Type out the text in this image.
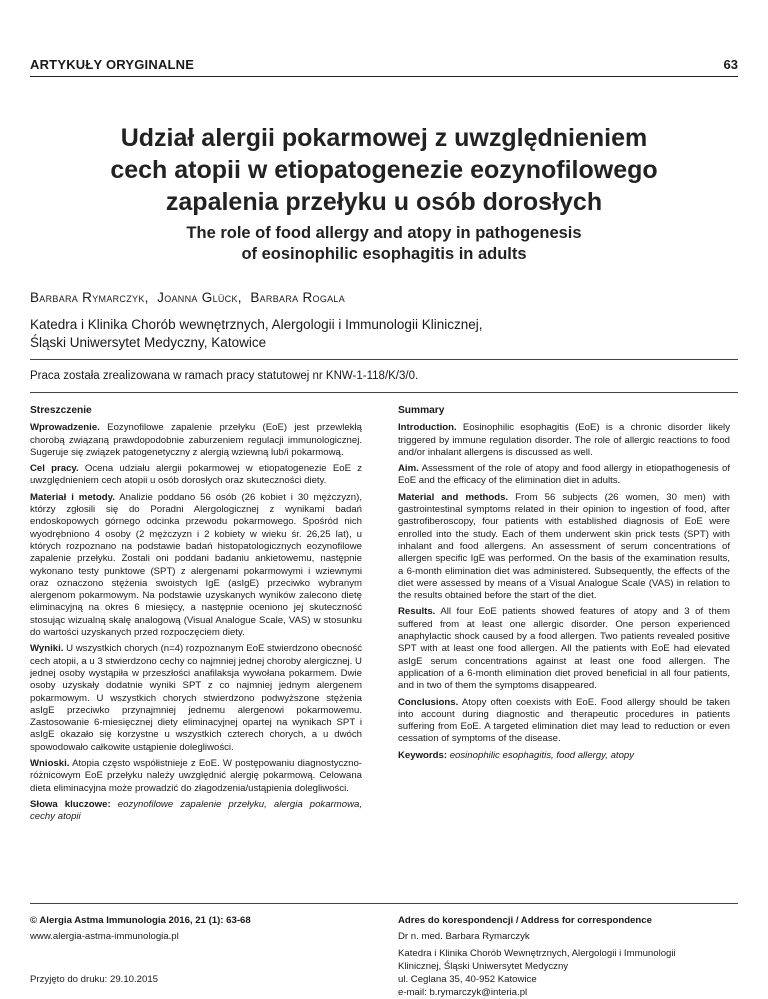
ARTYKUŁY ORYGINALNE	63
Udział alergii pokarmowej z uwzględnieniem
cech atopii w etiopatogenezie eozynofilowego
zapalenia przełyku u osób dorosłych
The role of food allergy and atopy in pathogenesis
of eosinophilic esophagitis in adults
Barbara Rymarczyk, Joanna Glück, Barbara Rogala
Katedra i Klinika Chorób wewnętrznych, Alergologii i Immunologii Klinicznej,
Śląski Uniwersytet Medyczny, Katowice
Praca została zrealizowana w ramach pracy statutowej nr KNW-1-118/K/3/0.
Streszczenie

Wprowadzenie. Eozynofilowe zapalenie przełyku (EoE) jest przewlekłą chorobą związaną prawdopodobnie zaburzeniem regulacji immunologicznej. Sugeruje się związek patogenetyczny z alergią wziewną lub/i pokarmową.

Cel pracy. Ocena udziału alergii pokarmowej w etiopatogenezie EoE z uwzględnieniem cech atopii u osób dorosłych oraz skuteczności diety.

Materiał i metody. Analizie poddano 56 osób (26 kobiet i 30 mężczyzn), którzy zgłosili się do Poradni Alergologicznej z wynikami badań endoskopowych górnego odcinka przewodu pokarmowego. Spośród nich wyodrębniono 4 osoby (2 mężczyzn i 2 kobiety w wieku śr. 26,25 lat), u których rozpoznano na podstawie badań histopatologicznych eozynofilowe zapalenie przełyku. Zostali oni poddani badaniu ankietowemu, następnie wykonano testy punktowe (SPT) z alergenami pokarmowymi i wziewnymi oraz oznaczono stężenia swoistych IgE (asIgE) przeciwko wybranym alergenom pokarmowym. Na podstawie uzyskanych wyników zalecono dietę eliminacyjną na okres 6 miesięcy, a następnie oceniono jej skuteczność stosując wizualną skalę analogową (Visual Analogue Scale, VAS) w stosunku do wartości uzyskanych przed rozpoczęciem diety.

Wyniki. U wszystkich chorych (n=4) rozpoznanym EoE stwierdzono obecność cech atopii, a u 3 stwierdzono cechy co najmniej jednej choroby alergicznej. U jednej osoby wystąpiła w przeszłości anafilaksja wywołana pokarmem. Dwie osoby uzyskały dodatnie wyniki SPT z co najmniej jednym alergenem pokarmowym. U wszystkich chorych stwierdzono podwyższone stężenia asIgE przeciwko przynajmniej jednemu alergenowi pokarmowemu. Zastosowanie 6-miesięcznej diety eliminacyjnej opartej na wynikach SPT i asIgE okazało się korzystne u wszystkich czterech chorych, a u dwóch spowodowało całkowite ustąpienie dolegliwości.

Wnioski. Atopia często współistnieje z EoE. W postępowaniu diagnostyczno-różnicowym EoE przełyku należy uwzględnić alergię pokarmową. Celowana dieta eliminacyjna może prowadzić do złagodzenia/ustąpienia dolegliwości.

Słowa kluczowe: eozynofilowe zapalenie przełyku, alergia pokarmowa, cechy atopii

Summary

Introduction. Eosinophilic esophagitis (EoE) is a chronic disorder likely triggered by immune regulation disorder. The role of allergic reactions to food and/or inhalant allergens is discussed as well.

Aim. Assessment of the role of atopy and food allergy in etiopathogenesis of EoE and the efficacy of the elimination diet in adults.

Material and methods. From 56 subjects (26 women, 30 men) with gastrointestinal symptoms related in their opinion to ingestion of food, after gastrofiberoscopy, four patients with established diagnosis of EoE were enrolled into the study. Each of them underwent skin prick tests (SPT) with inhalant and food allergens. An assessment of serum concentrations of allergen specific IgE was performed. On the basis of the examination results, a 6-month elimination diet was administered. Subsequently, the effects of the diet were assessed by means of a Visual Analogue Scale (VAS) in relation to the results obtained before the start of the diet.

Results. All four EoE patients showed features of atopy and 3 of them suffered from at least one allergic disorder. One person experienced anaphylactic shock caused by a food allergen. Two patients revealed positive SPT with at least one food allergen. All the patients with EoE had elevated asIgE serum concentrations against at least one food allergen. The application of a 6-month elimination diet proved beneficial in all four patients, and in two of them the symptoms disappeared.

Conclusions. Atopy often coexists with EoE. Food allergy should be taken into account during diagnostic and therapeutic procedures in patients suffering from EoE. A targeted elimination diet may lead to reduction or even cessation of symptoms of the disease.

Keywords: eosinophilic esophagitis, food allergy, atopy

© Alergia Astma Immunologia 2016, 21 (1): 63-68
www.alergia-astma-immunologia.pl
Przyjęto do druku: 29.10.2015
Adres do korespondencji / Address for correspondence
Dr n. med. Barbara Rymarczyk
Katedra i Klinika Chorób Wewnętrznych, Alergologii i Immunologii
Klinicznej, Śląski Uniwersytet Medyczny
ul. Ceglana 35, 40-952 Katowice
e-mail: b.rymarczyk@interia.pl
